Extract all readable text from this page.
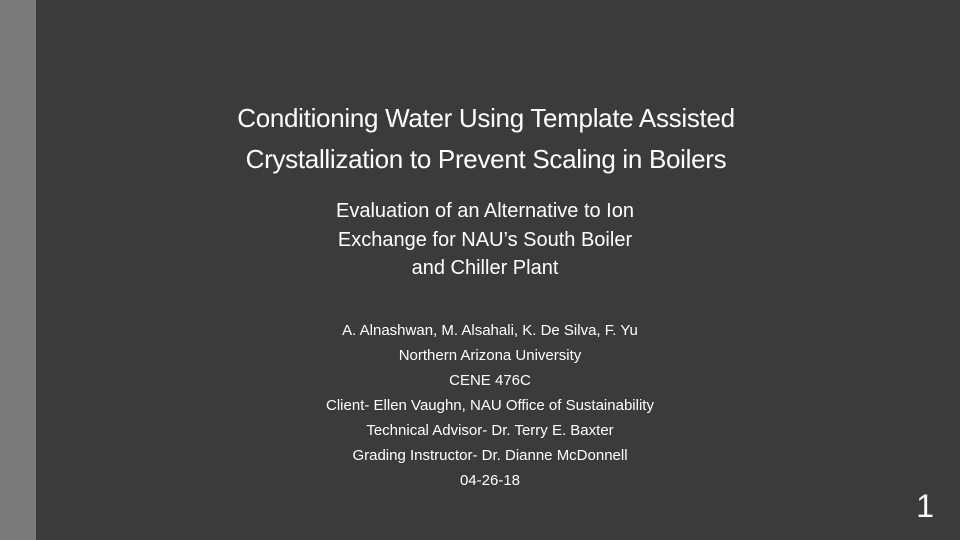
Conditioning Water Using Template Assisted
Crystallization to Prevent Scaling in Boilers
Evaluation of an Alternative to Ion
Exchange for NAU’s South Boiler
and Chiller Plant
A. Alnashwan, M. Alsahali, K. De Silva, F. Yu
Northern Arizona University
CENE 476C
Client- Ellen Vaughn, NAU Office of Sustainability
Technical Advisor- Dr. Terry E. Baxter
Grading Instructor- Dr. Dianne McDonnell
04-26-18
1
